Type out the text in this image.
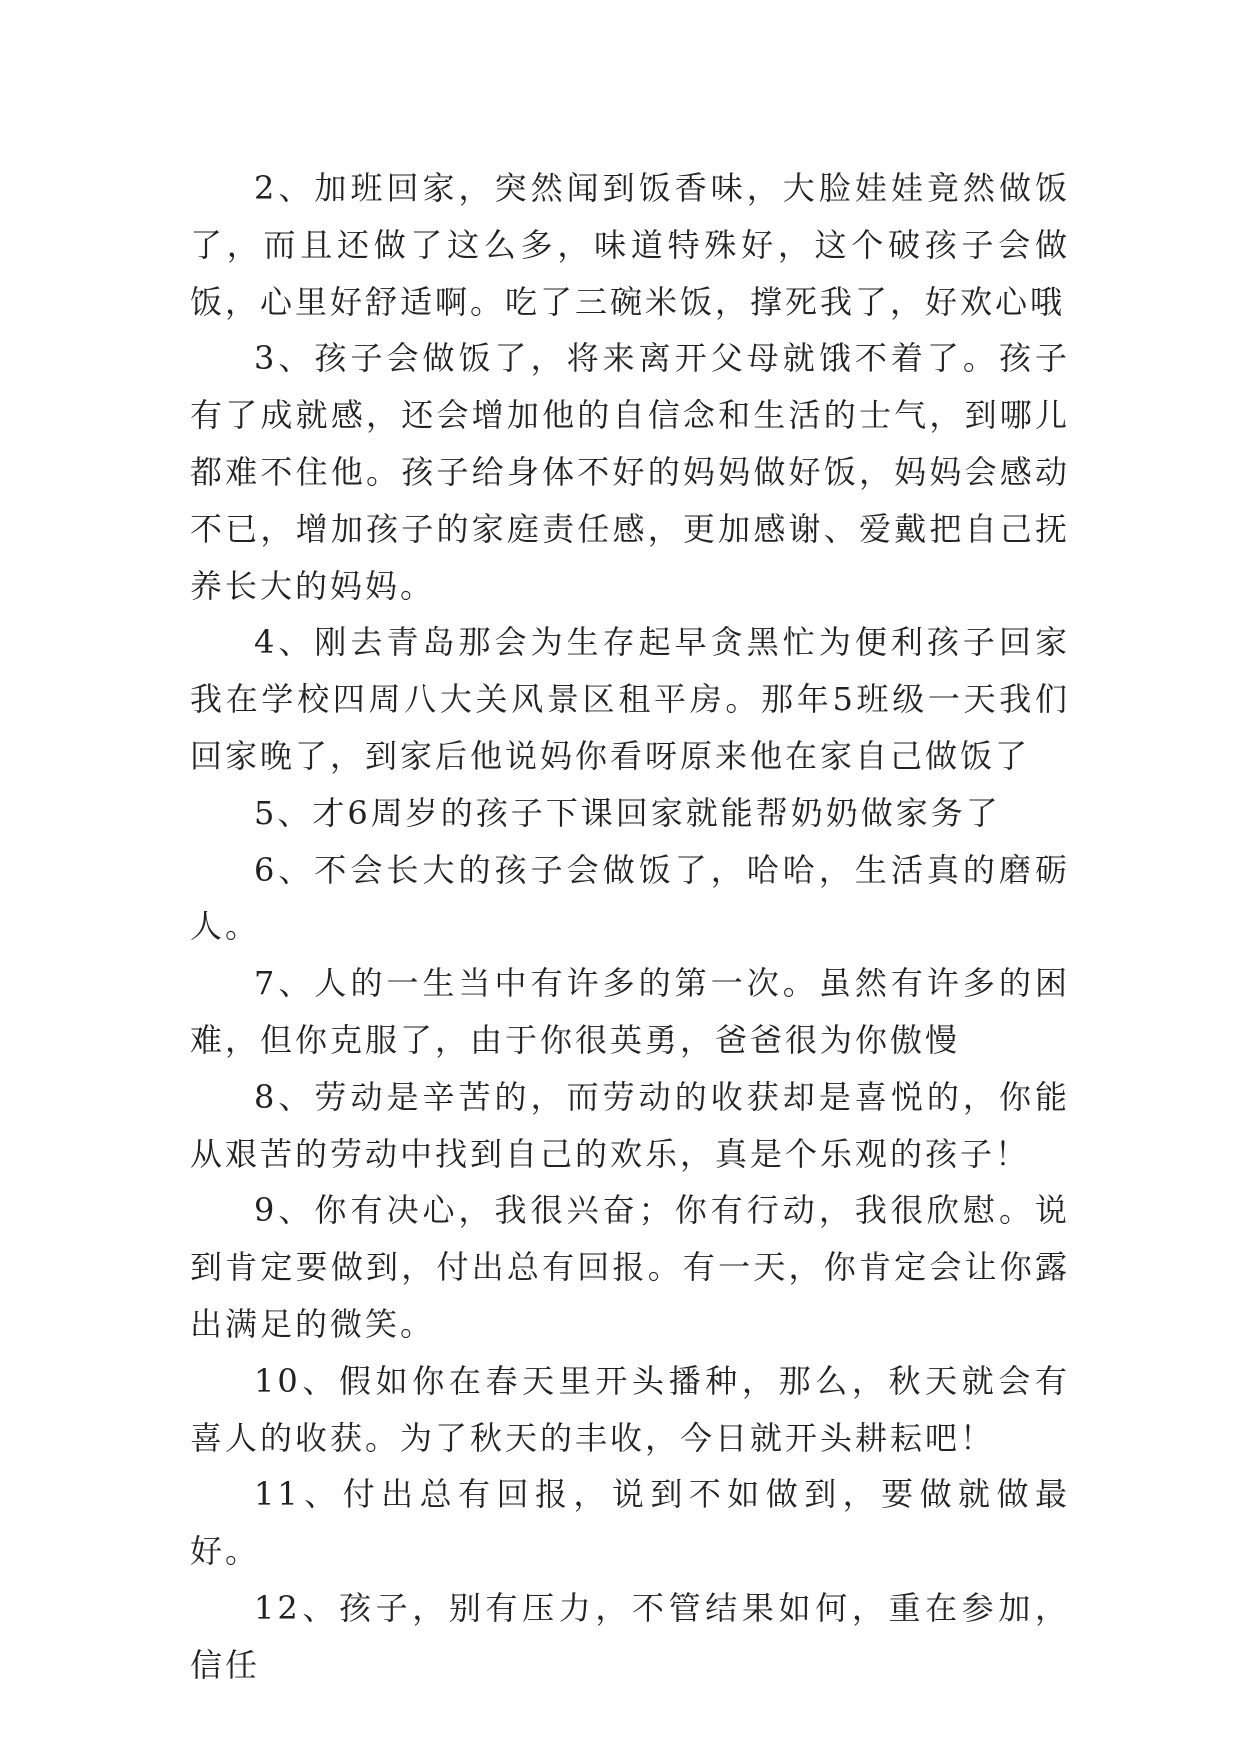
2、加班回家，突然闻到饭香味，大脸娃娃竟然做饭了，而且还做了这么多，味道特殊好，这个破孩子会做饭，心里好舒适啊。吃了三碗米饭，撑死我了，好欢心哦

3、孩子会做饭了，将来离开父母就饿不着了。孩子有了成就感，还会增加他的自信念和生活的士气，到哪儿都难不住他。孩子给身体不好的妈妈做好饭，妈妈会感动不已，增加孩子的家庭责任感，更加感谢、爱戴把自己抚养长大的妈妈。

4、刚去青岛那会为生存起早贪黑忙为便利孩子回家我在学校四周八大关风景区租平房。那年5班级一天我们回家晚了，到家后他说妈你看呀原来他在家自己做饭了

5、才6周岁的孩子下课回家就能帮奶奶做家务了

6、不会长大的孩子会做饭了，哈哈，生活真的磨砺人。

7、人的一生当中有许多的第一次。虽然有许多的困难，但你克服了，由于你很英勇，爸爸很为你傲慢

8、劳动是辛苦的，而劳动的收获却是喜悦的，你能从艰苦的劳动中找到自己的欢乐，真是个乐观的孩子！

9、你有决心，我很兴奋；你有行动，我很欣慰。说到肯定要做到，付出总有回报。有一天，你肯定会让你露出满足的微笑。

10、假如你在春天里开头播种，那么，秋天就会有喜人的收获。为了秋天的丰收，今日就开头耕耘吧！

11、付出总有回报，说到不如做到，要做就做最好。

12、孩子，别有压力，不管结果如何，重在参加，信任
